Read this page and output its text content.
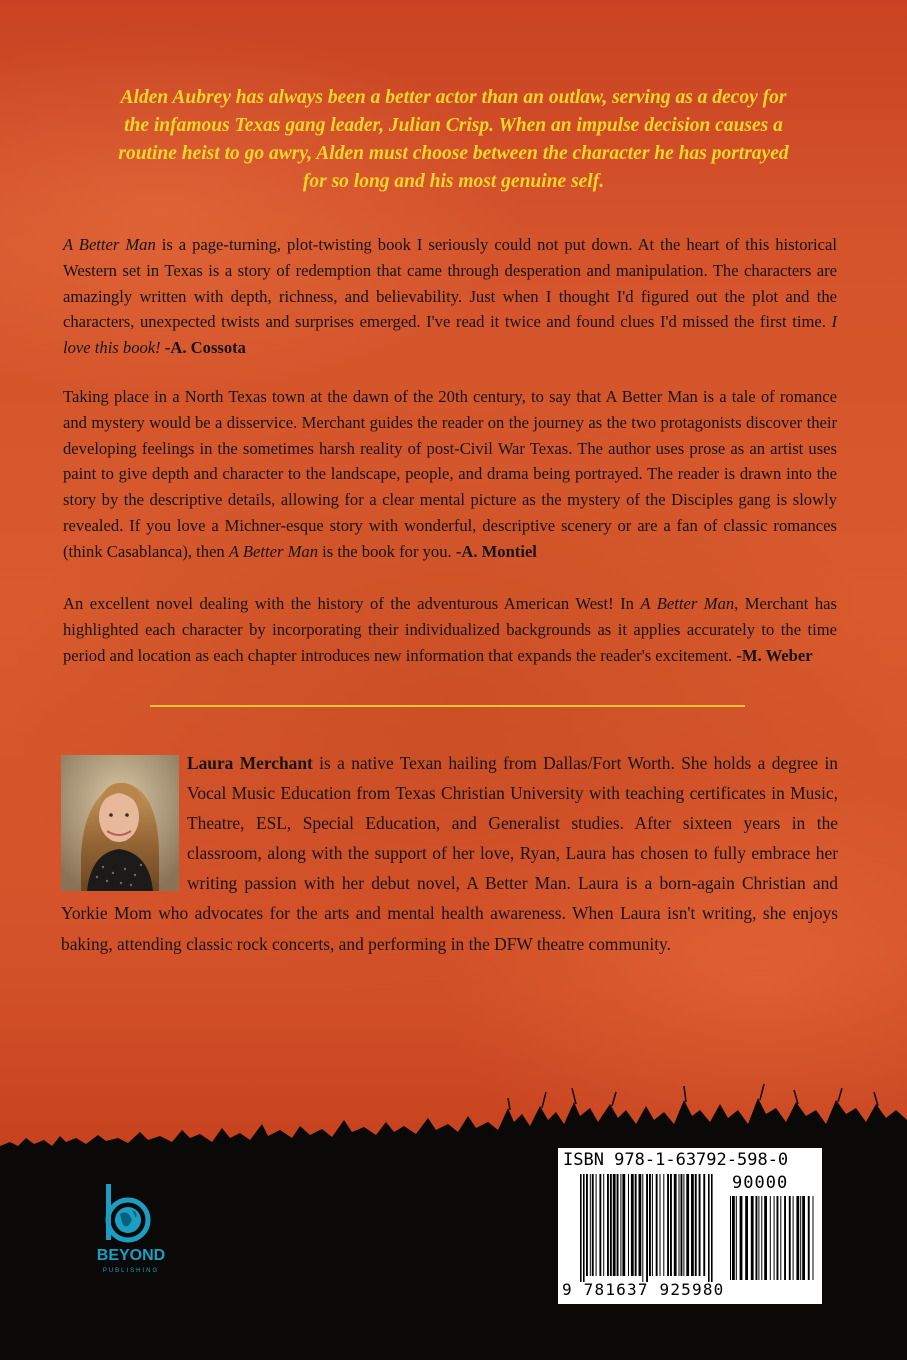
Alden Aubrey has always been a better actor than an outlaw, serving as a decoy for the infamous Texas gang leader, Julian Crisp. When an impulse decision causes a routine heist to go awry, Alden must choose between the character he has portrayed for so long and his most genuine self.

A Better Man is a page-turning, plot-twisting book I seriously could not put down. At the heart of this historical Western set in Texas is a story of redemption that came through desperation and manipulation. The characters are amazingly written with depth, richness, and believability. Just when I thought I'd figured out the plot and the characters, unexpected twists and surprises emerged. I've read it twice and found clues I'd missed the first time. I love this book! -A. Cossota

Taking place in a North Texas town at the dawn of the 20th century, to say that A Better Man is a tale of romance and mystery would be a disservice. Merchant guides the reader on the journey as the two protagonists discover their developing feelings in the sometimes harsh reality of post-Civil War Texas. The author uses prose as an artist uses paint to give depth and character to the landscape, people, and drama being portrayed. The reader is drawn into the story by the descriptive details, allowing for a clear mental picture as the mystery of the Disciples gang is slowly revealed. If you love a Michner-esque story with wonderful, descriptive scenery or are a fan of classic romances (think Casablanca), then A Better Man is the book for you. -A. Montiel

An excellent novel dealing with the history of the adventurous American West! In A Better Man, Merchant has highlighted each character by incorporating their individualized backgrounds as it applies accurately to the time period and location as each chapter introduces new information that expands the reader's excitement. -M. Weber

Laura Merchant is a native Texan hailing from Dallas/Fort Worth. She holds a degree in Vocal Music Education from Texas Christian University with teaching certificates in Music, Theatre, ESL, Special Education, and Generalist studies. After sixteen years in the classroom, along with the support of her love, Ryan, Laura has chosen to fully embrace her writing passion with her debut novel, A Better Man. Laura is a born-again Christian and Yorkie Mom who advocates for the arts and mental health awareness. When Laura isn't writing, she enjoys baking, attending classic rock concerts, and performing in the DFW theatre community.

BEYOND
PUBLISHING
ISBN 978-1-63792-598-0
90000
9 781637 925980
